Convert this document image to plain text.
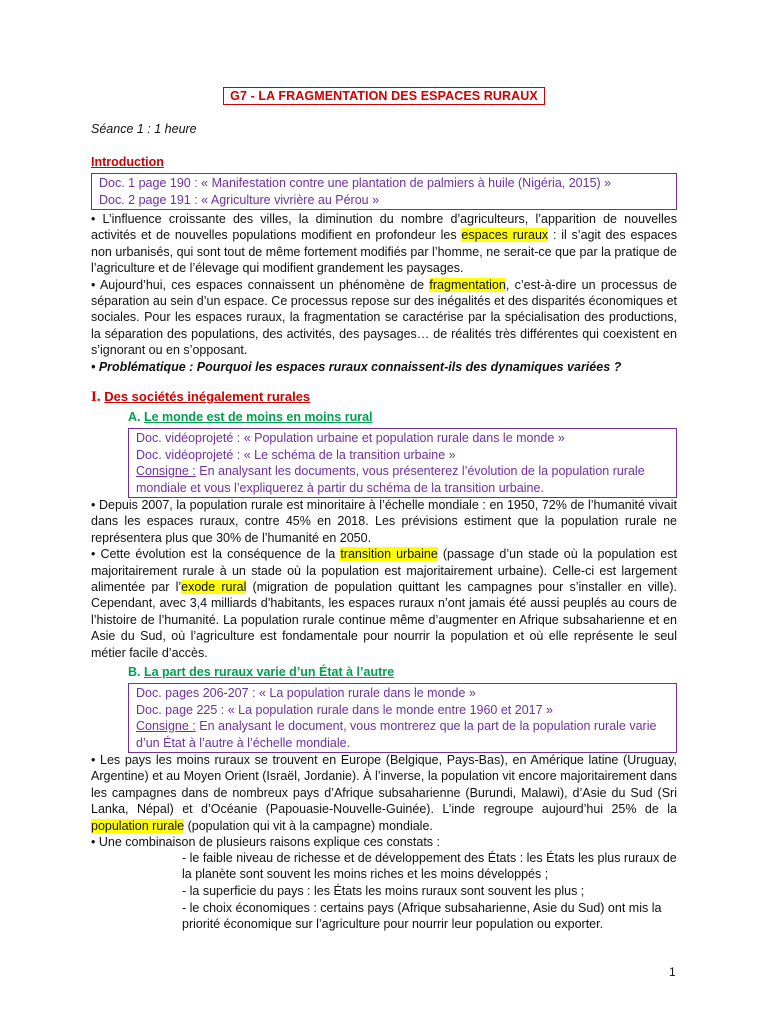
G7 - LA FRAGMENTATION DES ESPACES RURAUX
Séance 1 : 1 heure
Introduction
Doc. 1 page 190 : « Manifestation contre une plantation de palmiers à huile (Nigéria, 2015) »
Doc. 2 page 191 : « Agriculture vivrière au Pérou »

• L’influence croissante des villes, la diminution du nombre d’agriculteurs, l’apparition de nouvelles activités et de nouvelles populations modifient en profondeur les espaces ruraux : il s’agit des espaces non urbanisés, qui sont tout de même fortement modifiés par l’homme, ne serait-ce que par la pratique de l’agriculture et de l’élevage qui modifient grandement les paysages.

• Aujourd’hui, ces espaces connaissent un phénomène de fragmentation, c’est-à-dire un processus de séparation au sein d’un espace. Ce processus repose sur des inégalités et des disparités économiques et sociales. Pour les espaces ruraux, la fragmentation se caractérise par la spécialisation des productions, la séparation des populations, des activités, des paysages… de réalités très différentes qui coexistent en s’ignorant ou en s’opposant.

• Problématique : Pourquoi les espaces ruraux connaissent-ils des dynamiques variées ?

I. Des sociétés inégalement rurales
A. Le monde est de moins en moins rural
Doc. vidéoprojeté : « Population urbaine et population rurale dans le monde »
Doc. vidéoprojeté : « Le schéma de la transition urbaine »
Consigne : En analysant les documents, vous présenterez l’évolution de la population rurale mondiale et vous l’expliquerez à partir du schéma de la transition urbaine.

• Depuis 2007, la population rurale est minoritaire à l’échelle mondiale : en 1950, 72% de l’humanité vivait dans les espaces ruraux, contre 45% en 2018. Les prévisions estiment que la population rurale ne représentera plus que 30% de l’humanité en 2050.

• Cette évolution est la conséquence de la transition urbaine (passage d’un stade où la population est majoritairement rurale à un stade où la population est majoritairement urbaine). Celle-ci est largement alimentée par l’exode rural (migration de population quittant les campagnes pour s’installer en ville). Cependant, avec 3,4 milliards d’habitants, les espaces ruraux n’ont jamais été aussi peuplés au cours de l’histoire de l’humanité. La population rurale continue même d’augmenter en Afrique subsaharienne et en Asie du Sud, où l’agriculture est fondamentale pour nourrir la population et où elle représente le seul métier facile d’accès.

B. La part des ruraux varie d’un État à l’autre
Doc. pages 206-207 : « La population rurale dans le monde »
Doc. page 225 : « La population rurale dans le monde entre 1960 et 2017 »
Consigne : En analysant le document, vous montrerez que la part de la population rurale varie d’un État à l’autre à l’échelle mondiale.

• Les pays les moins ruraux se trouvent en Europe (Belgique, Pays-Bas), en Amérique latine (Uruguay, Argentine) et au Moyen Orient (Israël, Jordanie). À l’inverse, la population vit encore majoritairement dans les campagnes dans de nombreux pays d’Afrique subsaharienne (Burundi, Malawi), d’Asie du Sud (Sri Lanka, Népal) et d’Océanie (Papouasie-Nouvelle-Guinée). L’inde regroupe aujourd’hui 25% de la population rurale (population qui vit à la campagne) mondiale.

• Une combinaison de plusieurs raisons explique ces constats :

- le faible niveau de richesse et de développement des États : les États les plus ruraux de la planète sont souvent les moins riches et les moins développés ;
- la superficie du pays : les États les moins ruraux sont souvent les plus ;
- le choix économiques : certains pays (Afrique subsaharienne, Asie du Sud) ont mis la priorité économique sur l’agriculture pour nourrir leur population ou exporter.
1
